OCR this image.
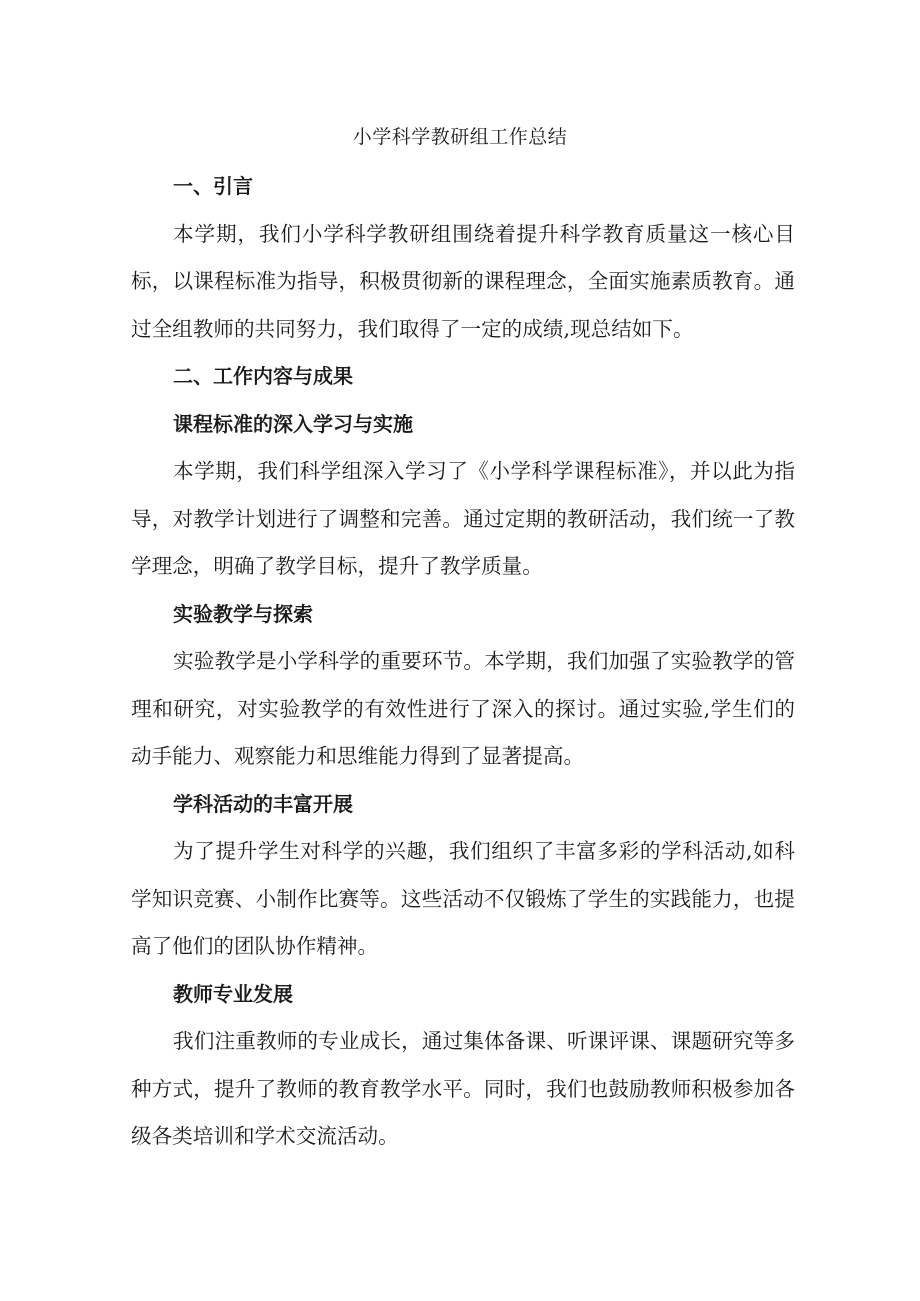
小学科学教研组工作总结
一、引言

本学期，我们小学科学教研组围绕着提升科学教育质量这一核心目标，以课程标准为指导，积极贯彻新的课程理念，全面实施素质教育。通过全组教师的共同努力，我们取得了一定的成绩,现总结如下。

二、工作内容与成果
课程标准的深入学习与实施

本学期，我们科学组深入学习了《小学科学课程标准》，并以此为指导，对教学计划进行了调整和完善。通过定期的教研活动，我们统一了教学理念，明确了教学目标，提升了教学质量。

实验教学与探索

实验教学是小学科学的重要环节。本学期，我们加强了实验教学的管理和研究，对实验教学的有效性进行了深入的探讨。通过实验,学生们的动手能力、观察能力和思维能力得到了显著提高。

学科活动的丰富开展

为了提升学生对科学的兴趣，我们组织了丰富多彩的学科活动,如科学知识竞赛、小制作比赛等。这些活动不仅锻炼了学生的实践能力，也提高了他们的团队协作精神。

教师专业发展

我们注重教师的专业成长，通过集体备课、听课评课、课题研究等多种方式，提升了教师的教育教学水平。同时，我们也鼓励教师积极参加各级各类培训和学术交流活动。
